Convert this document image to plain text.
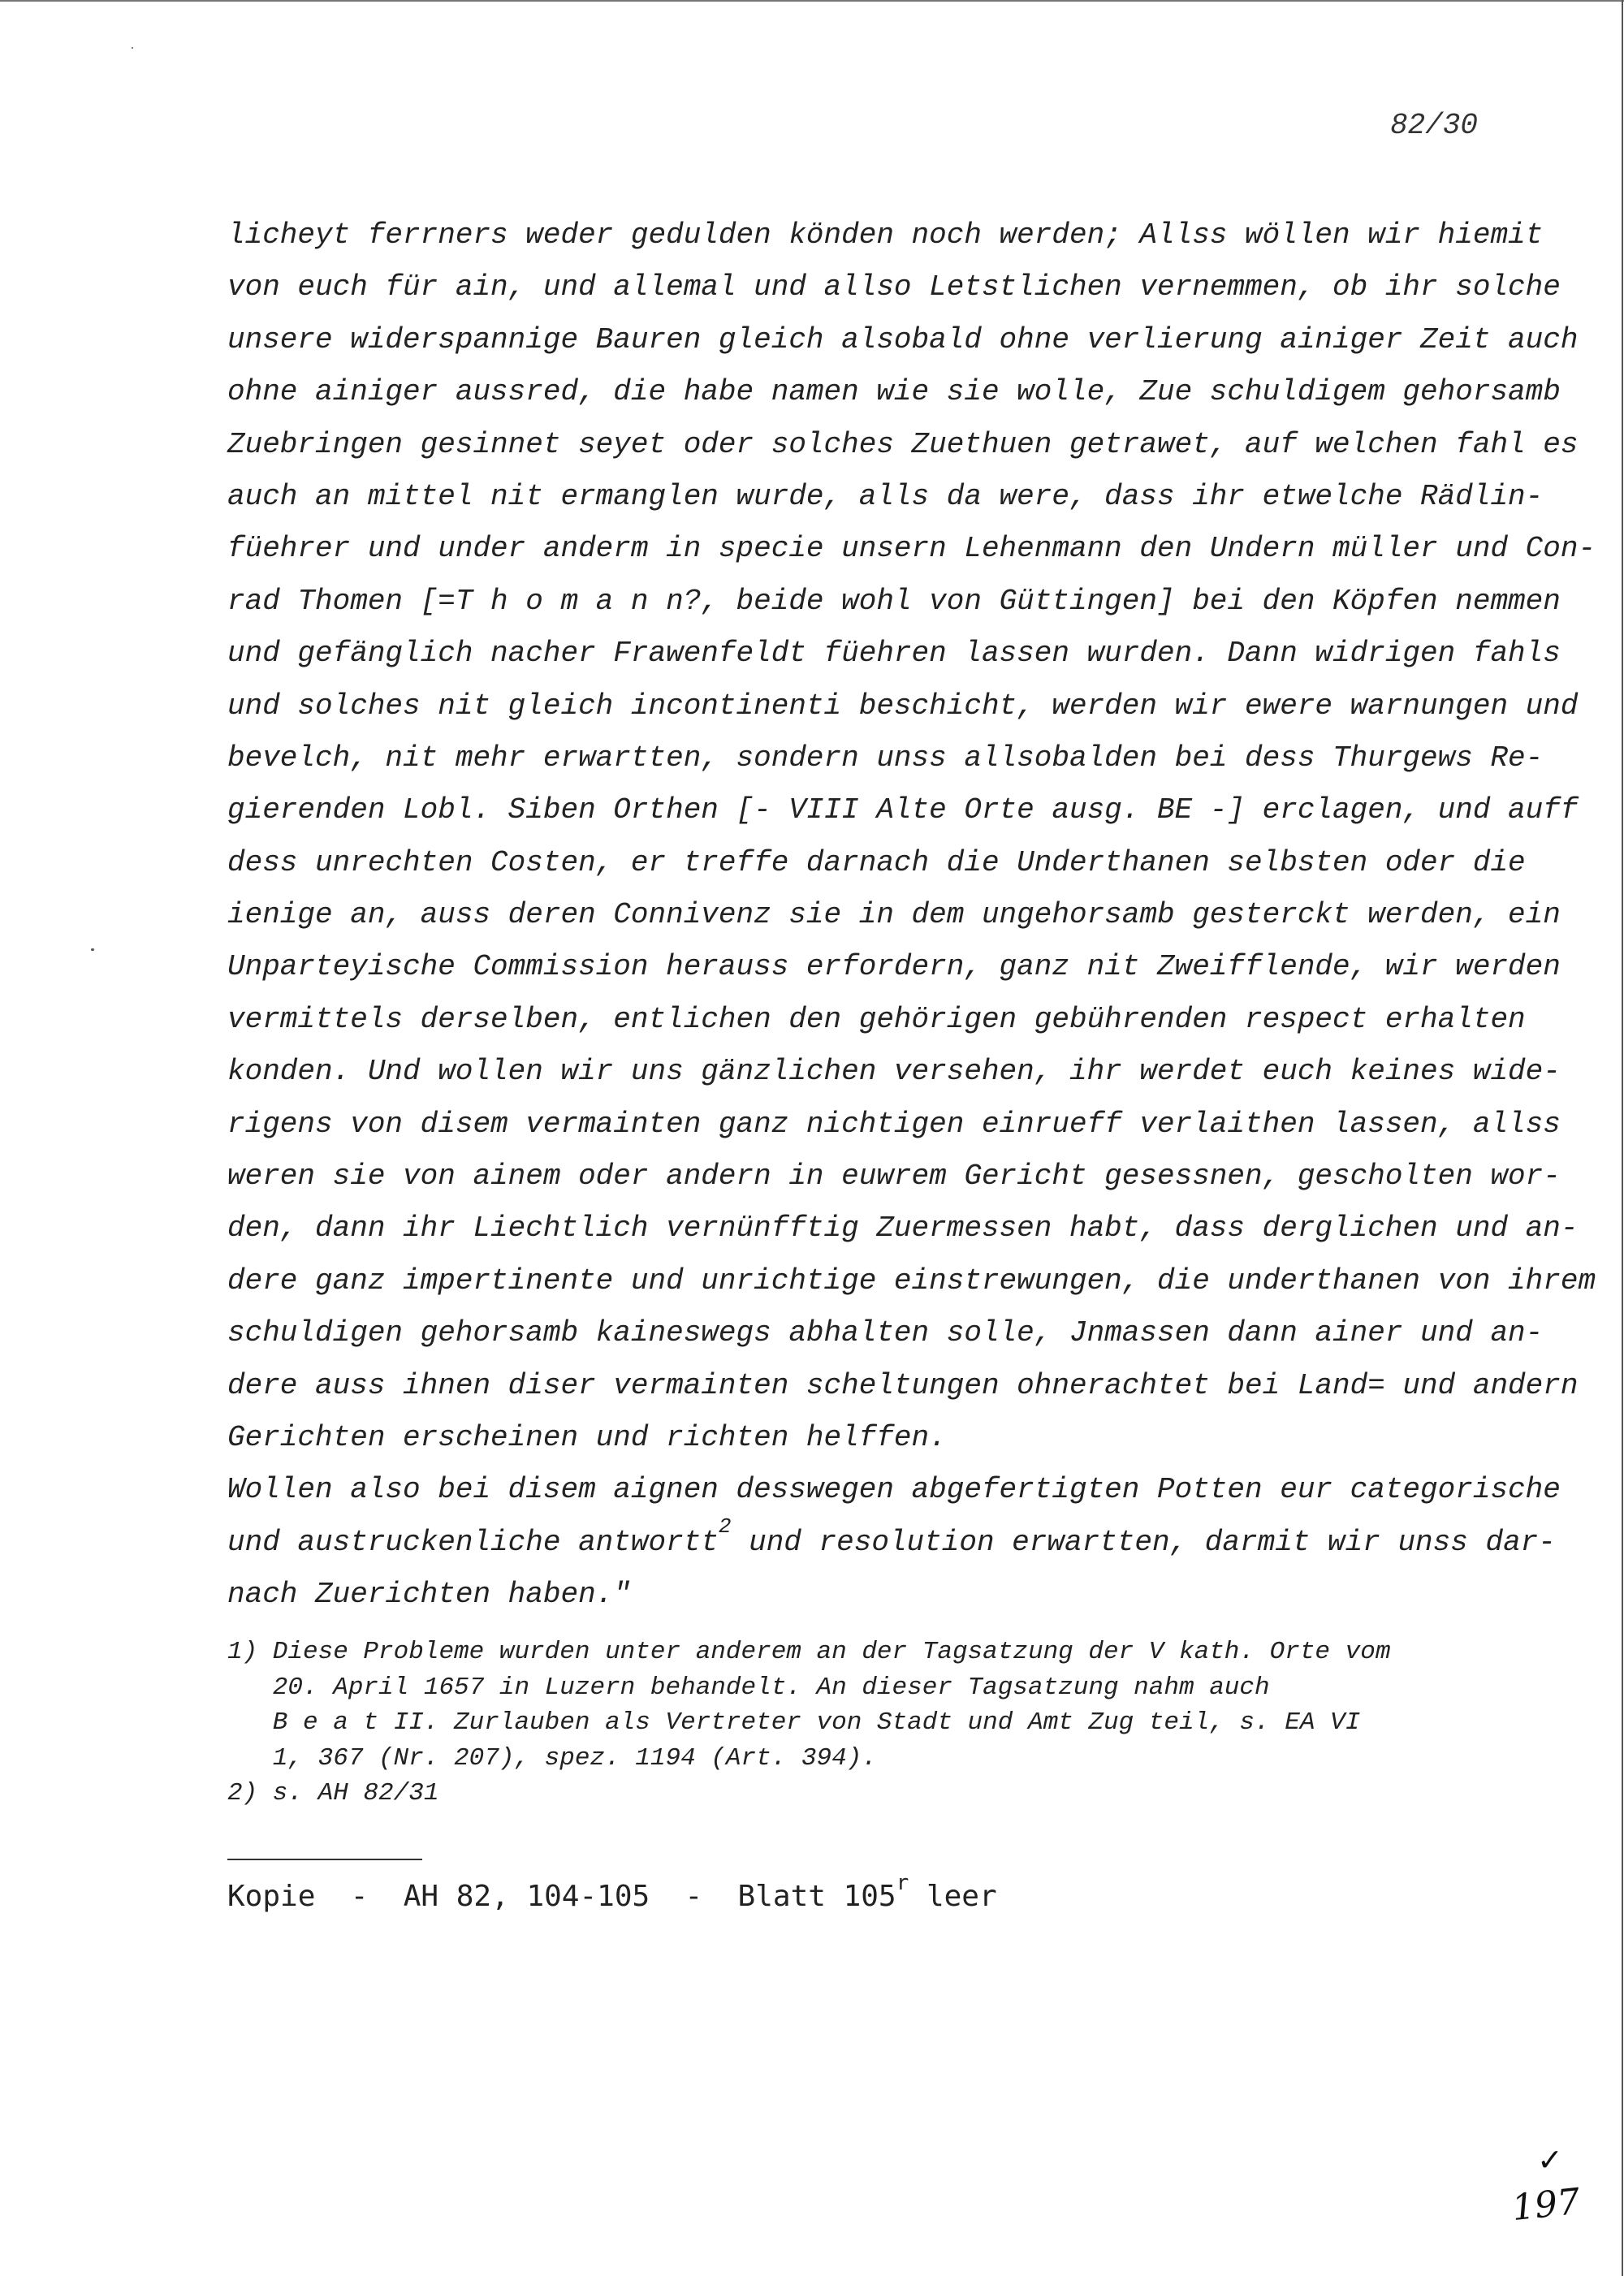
82/30
licheyt ferrners weder gedulden könden noch werden; Allss wöllen wir hiemit
von euch für ain, und allemal und allso Letstlichen vernemmen, ob ihr solche
unsere widerspannige Bauren gleich alsobald ohne verlierung ainiger Zeit auch
ohne ainiger aussred, die habe namen wie sie wolle, Zue schuldigem gehorsamb
Zuebringen gesinnet seyet oder solches Zuethuen getrawet, auf welchen fahl es
auch an mittel nit ermanglen wurde, alls da were, dass ihr etwelche Rädlin-
füehrer und under anderm in specie unsern Lehenmann den Undern müller und Con-
rad Thomen [=T h o m a n n?, beide wohl von Güttingen] bei den Köpfen nemmen
und gefänglich nacher Frawenfeldt füehren lassen wurden. Dann widrigen fahls
und solches nit gleich incontinenti beschicht, werden wir ewere warnungen und
bevelch, nit mehr erwartten, sondern unss allsobalden bei dess Thurgews Re-
gierenden Lobl. Siben Orthen [- VIII Alte Orte ausg. BE -] erclagen, und auff
dess unrechten Costen, er treffe darnach die Underthanen selbsten oder die
ienige an, auss deren Connivenz sie in dem ungehorsamb gesterckt werden, ein
Unparteyische Commission herauss erfordern, ganz nit Zweifflende, wir werden
vermittels derselben, entlichen den gehörigen gebührenden respect erhalten
konden. Und wollen wir uns gänzlichen versehen, ihr werdet euch keines wide-
rigens von disem vermainten ganz nichtigen einrueff verlaithen lassen, allss
weren sie von ainem oder andern in euwrem Gericht gesessnen, gescholten wor-
den, dann ihr Liechtlich vernünfftig Zuermessen habt, dass derglichen und an-
dere ganz impertinente und unrichtige einstrewungen, die underthanen von ihrem
schuldigen gehorsamb kaineswegs abhalten solle, Jnmassen dann ainer und an-
dere auss ihnen diser vermainten scheltungen ohnerachtet bei Land= und andern
Gerichten erscheinen und richten helffen.
Wollen also bei disem aignen desswegen abgefertigten Potten eur categorische
und austruckenliche antwortt$^2$ und resolution erwartten, darmit wir unss dar-
nach Zuerichten haben."
1) Diese Probleme wurden unter anderem an der Tagsatzung der V kath. Orte vom
20. April 1657 in Luzern behandelt. An dieser Tagsatzung nahm auch
B e a t II. Zurlauben als Vertreter von Stadt und Amt Zug teil, s. EA VI
1, 367 (Nr. 207), spez. 1194 (Art. 394).
2) s. AH 82/31
Kopie  -  AH 82, 104-105  -  Blatt 105$^r$ leer
✓
197
